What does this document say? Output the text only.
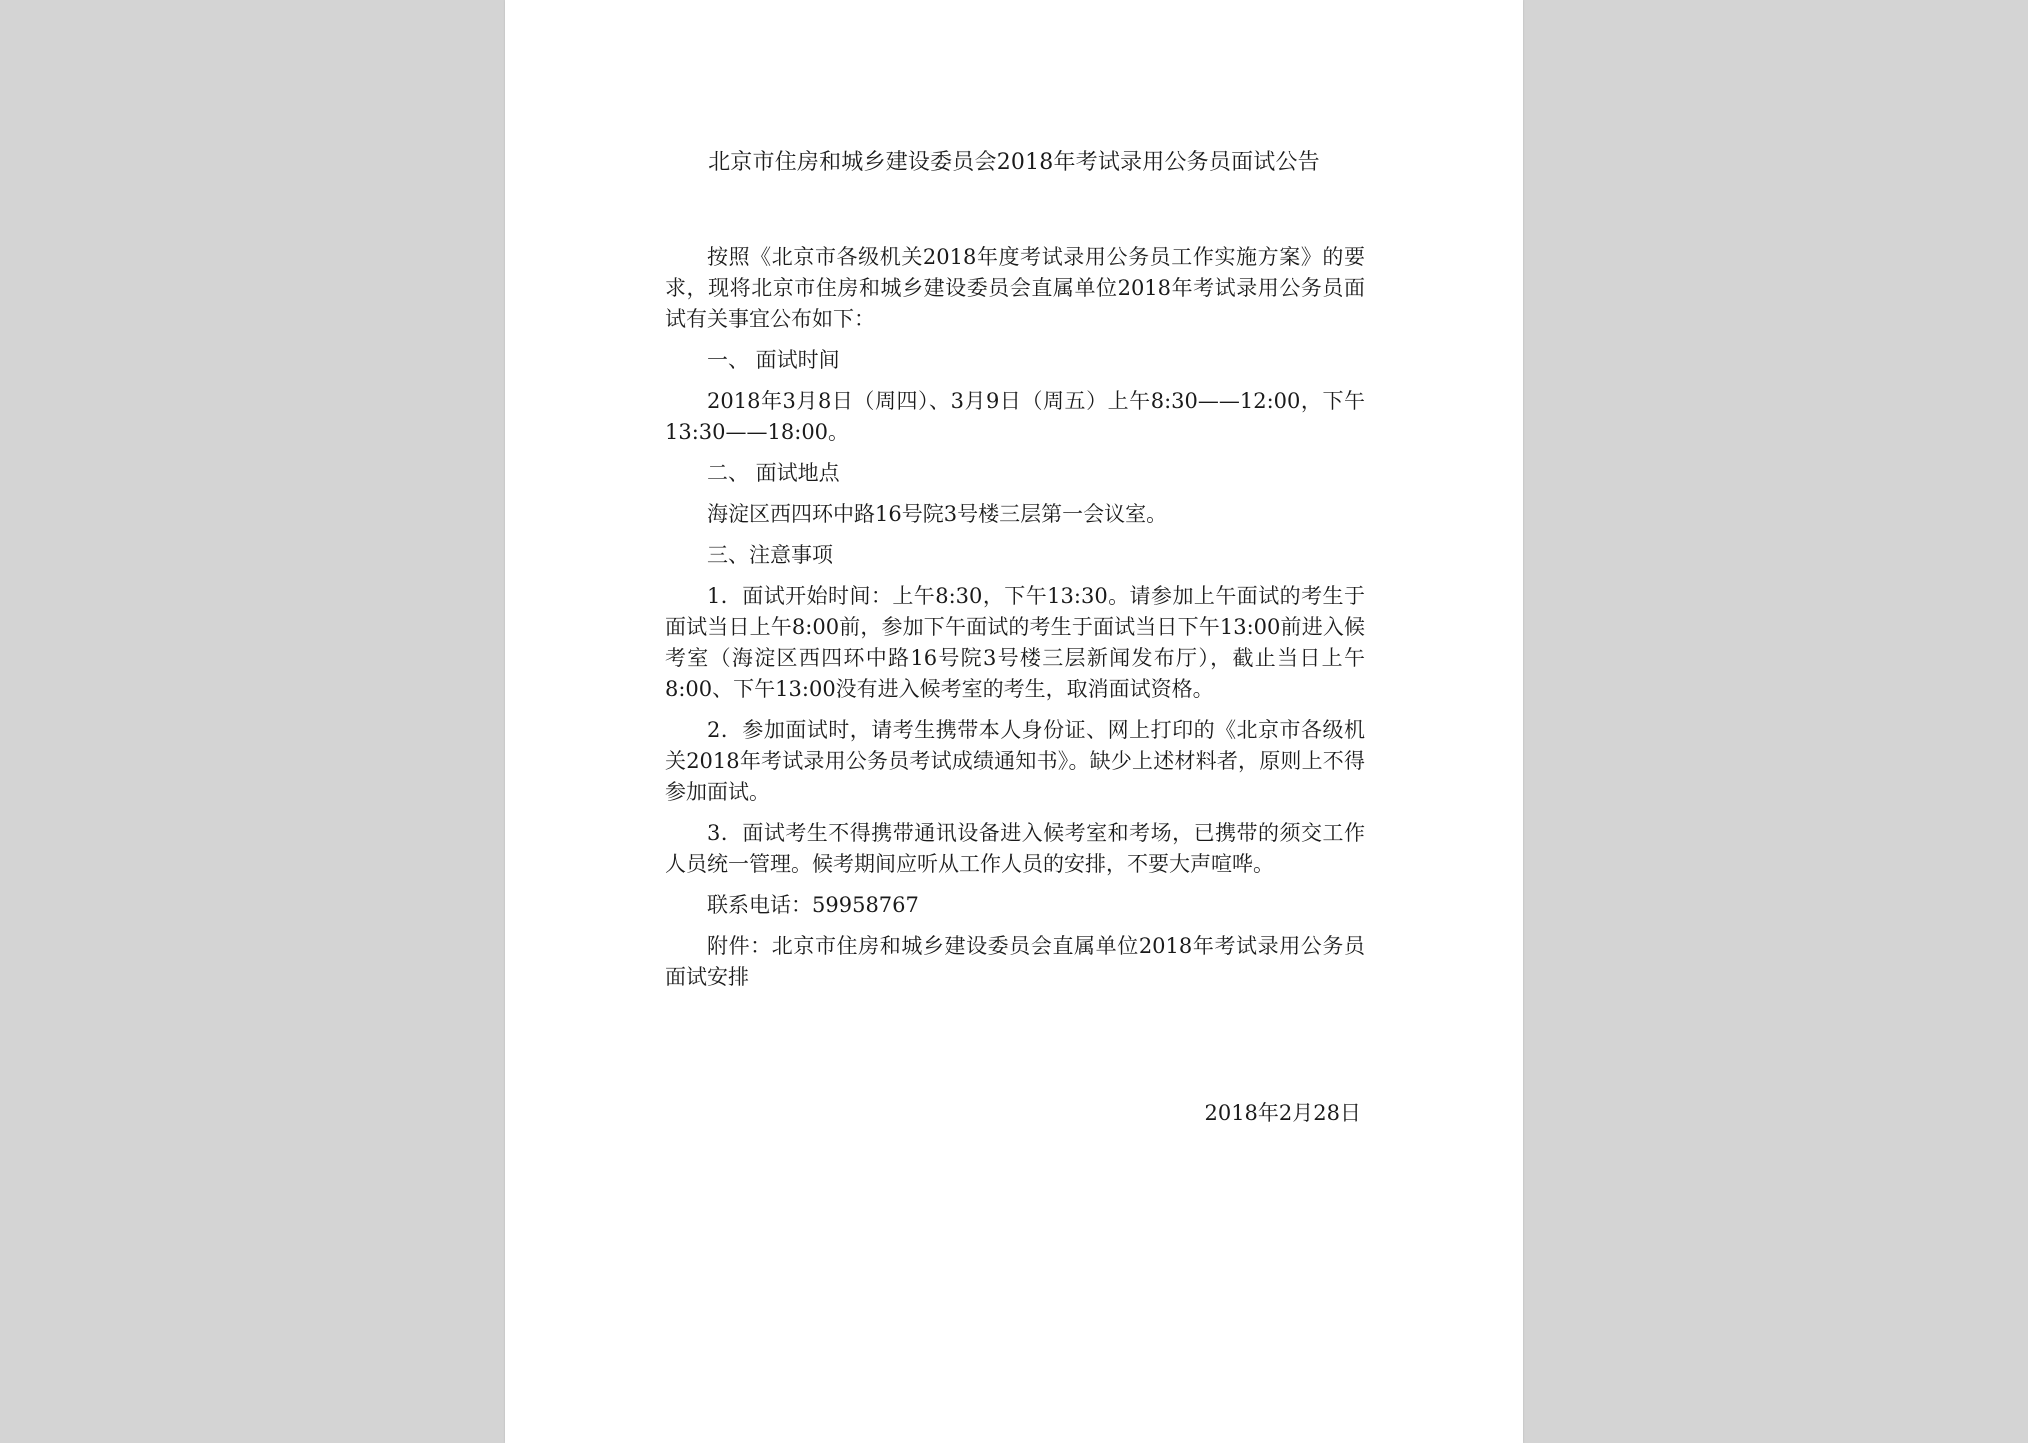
北京市住房和城乡建设委员会2018年考试录用公务员面试公告

按照《北京市各级机关2018年度考试录用公务员工作实施方案》的要求，现将北京市住房和城乡建设委员会直属单位2018年考试录用公务员面试有关事宜公布如下：

一、 面试时间

2018年3月8日（周四）、3月9日（周五）上午8:30——12:00，下午13:30——18:00。

二、 面试地点

海淀区西四环中路16号院3号楼三层第一会议室。

三、注意事项

1．面试开始时间：上午8:30，下午13:30。请参加上午面试的考生于面试当日上午8:00前，参加下午面试的考生于面试当日下午13:00前进入候考室（海淀区西四环中路16号院3号楼三层新闻发布厅），截止当日上午8:00、下午13:00没有进入候考室的考生，取消面试资格。

2．参加面试时，请考生携带本人身份证、网上打印的《北京市各级机关2018年考试录用公务员考试成绩通知书》。缺少上述材料者，原则上不得参加面试。

3．面试考生不得携带通讯设备进入候考室和考场，已携带的须交工作人员统一管理。候考期间应听从工作人员的安排，不要大声喧哗。

联系电话：59958767

附件：北京市住房和城乡建设委员会直属单位2018年考试录用公务员面试安排

2018年2月28日
